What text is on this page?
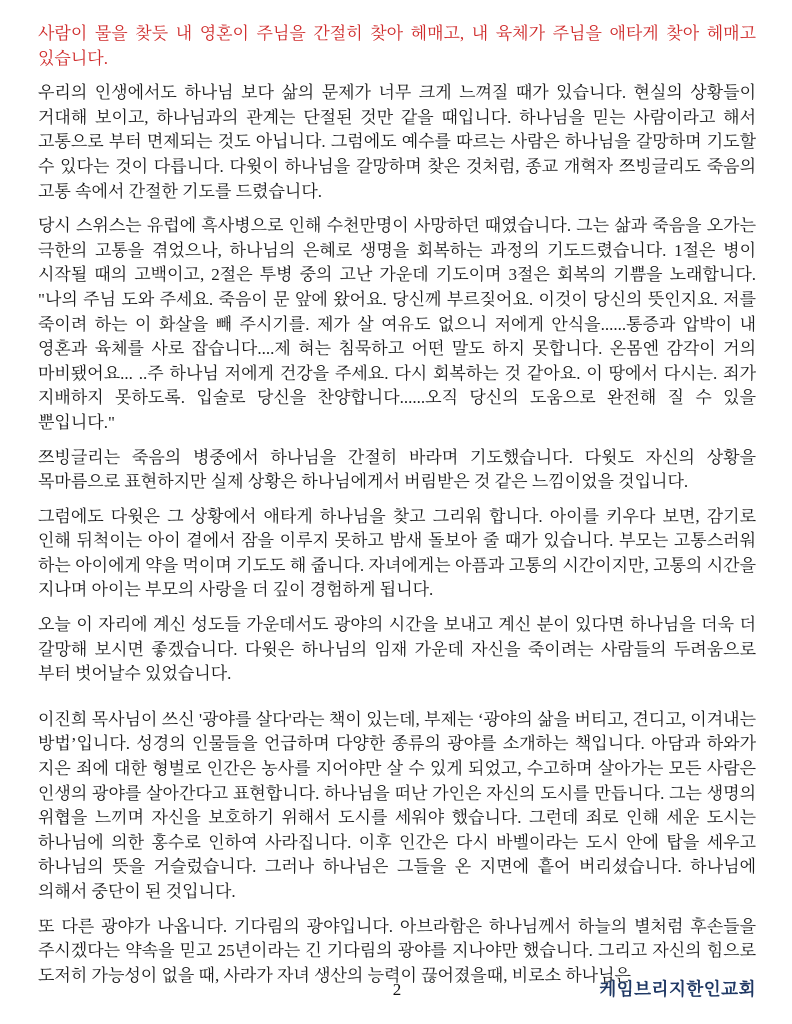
사람이 물을 찾듯 내 영혼이 주님을 간절히 찾아 헤매고, 내 육체가 주님을 애타게 찾아 헤매고 있습니다.

우리의 인생에서도 하나님 보다 삶의 문제가 너무 크게 느껴질 때가 있습니다. 현실의 상황들이 거대해 보이고, 하나님과의 관계는 단절된 것만 같을 때입니다. 하나님을 믿는 사람이라고 해서 고통으로 부터 면제되는 것도 아닙니다. 그럼에도 예수를 따르는 사람은 하나님을 갈망하며 기도할 수 있다는 것이 다릅니다. 다윗이 하나님을 갈망하며 찾은 것처럼, 종교 개혁자 쯔빙글리도 죽음의 고통 속에서 간절한 기도를 드렸습니다.

당시 스위스는 유럽에 흑사병으로 인해 수천만명이 사망하던 때였습니다. 그는 삶과 죽음을 오가는 극한의 고통을 겪었으나, 하나님의 은혜로 생명을 회복하는 과정의 기도드렸습니다. 1절은 병이 시작될 때의 고백이고, 2절은 투병 중의 고난 가운데 기도이며 3절은 회복의 기쁨을 노래합니다. "나의 주님 도와 주세요. 죽음이 문 앞에 왔어요. 당신께 부르짖어요. 이것이 당신의 뜻인지요. 저를 죽이려 하는 이 화살을 빼 주시기를. 제가 살 여유도 없으니 저에게 안식을......통증과 압박이 내 영혼과 육체를 사로 잡습니다....제 혀는 침묵하고 어떤 말도 하지 못합니다. 온몸엔 감각이 거의 마비됐어요... ..주 하나님 저에게 건강을 주세요. 다시 회복하는 것 같아요. 이 땅에서 다시는. 죄가 지배하지 못하도록. 입술로 당신을 찬양합니다......오직 당신의 도움으로 완전해 질 수 있을 뿐입니다."

쯔빙글리는 죽음의 병중에서 하나님을 간절히 바라며 기도했습니다. 다윗도 자신의 상황을 목마름으로 표현하지만 실제 상황은 하나님에게서 버림받은 것 같은 느낌이었을 것입니다.

그럼에도 다윗은 그 상황에서 애타게 하나님을 찾고 그리워 합니다. 아이를 키우다 보면, 감기로 인해 뒤척이는 아이 곁에서 잠을 이루지 못하고 밤새 돌보아 줄 때가 있습니다. 부모는 고통스러워 하는 아이에게 약을 먹이며 기도도 해 줍니다. 자녀에게는 아픔과 고통의 시간이지만, 고통의 시간을 지나며 아이는 부모의 사랑을 더 깊이 경험하게 됩니다.

오늘 이 자리에 계신 성도들 가운데서도 광야의 시간을 보내고 계신 분이 있다면 하나님을 더욱 더 갈망해 보시면 좋겠습니다. 다윗은 하나님의 임재 가운데 자신을 죽이려는 사람들의 두려움으로 부터 벗어날수 있었습니다.

이진희 목사님이 쓰신 '광야를 살다'라는 책이 있는데, 부제는 ‘광야의 삶을 버티고, 견디고, 이겨내는 방법’입니다. 성경의 인물들을 언급하며 다양한 종류의 광야를 소개하는 책입니다. 아담과 하와가 지은 죄에 대한 형벌로 인간은 농사를 지어야만 살 수 있게 되었고, 수고하며 살아가는 모든 사람은 인생의 광야를 살아간다고 표현합니다. 하나님을 떠난 가인은 자신의 도시를 만듭니다. 그는 생명의 위협을 느끼며 자신을 보호하기 위해서 도시를 세워야 했습니다. 그런데 죄로 인해 세운 도시는 하나님에 의한 홍수로 인하여 사라집니다. 이후 인간은 다시 바벨이라는 도시 안에 탑을 세우고 하나님의 뜻을 거슬렀습니다. 그러나 하나님은 그들을 온 지면에 흩어 버리셨습니다. 하나님에 의해서 중단이 된 것입니다.

또 다른 광야가 나옵니다. 기다림의 광야입니다. 아브라함은 하나님께서 하늘의 별처럼 후손들을 주시겠다는 약속을 믿고 25년이라는 긴 기다림의 광야를 지나야만 했습니다. 그리고 자신의 힘으로 도저히 가능성이 없을 때, 사라가 자녀 생산의 능력이 끊어졌을때, 비로소 하나님은

2	케임브리지한인교회
